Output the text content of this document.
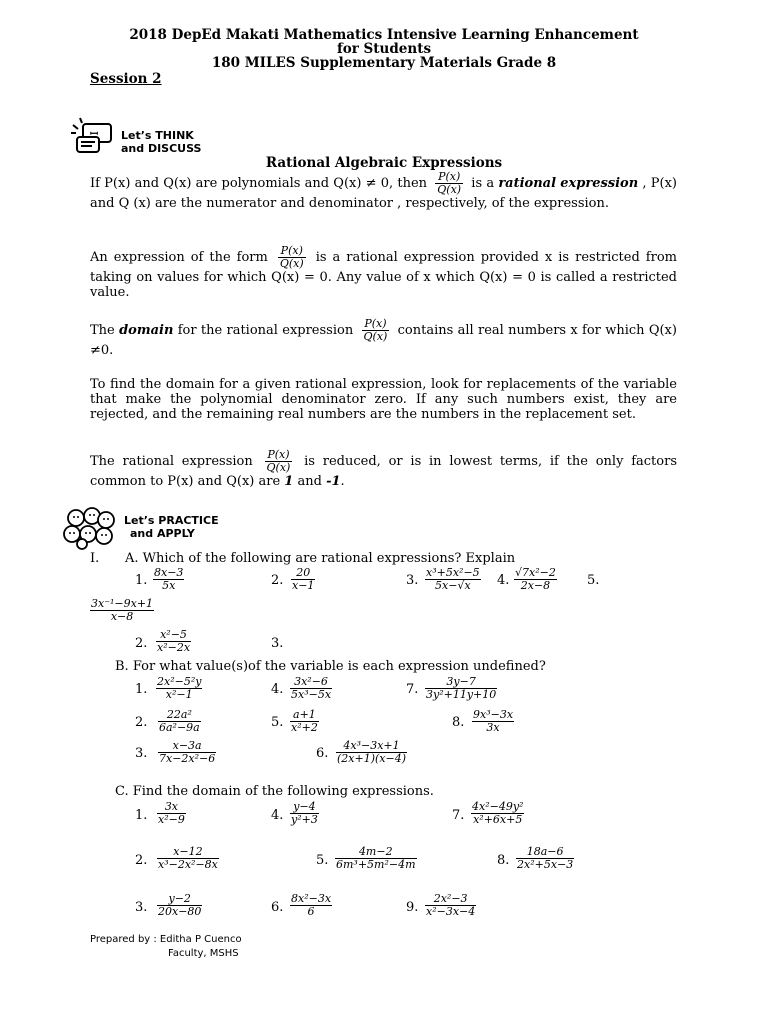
2018 DepEd Makati Mathematics Intensive Learning Enhancement
for Students
180 MILES Supplementary Materials Grade 8
Session 2
ꟷ Let’s THINK
and DISCUSS
Rational Algebraic Expressions
If P(x) and Q(x) are polynomials and Q(x) ≠ 0, then $\frac{P(x)}{Q(x)}$ is a rational expression , P(x) and Q (x) are the numerator and denominator , respectively, of the expression.
An expression of the form $\frac{P(x)}{Q(x)}$ is a rational expression provided x is restricted from taking on values for which Q(x) = 0. Any value of x which Q(x) = 0 is called a restricted value.
The domain for the rational expression $\frac{P(x)}{Q(x)}$ contains all real numbers x for which Q(x) ≠0.
To find the domain for a given rational expression, look for replacements of the variable that make the polynomial denominator zero. If any such numbers exist, they are rejected, and the remaining real numbers are the numbers in the replacement set.
The rational expression $\frac{P(x)}{Q(x)}$ is reduced, or is in lowest terms, if the only factors common to P(x) and Q(x) are 1 and -1.
Let’s PRACTICE
and APPLY
I. A. Which of the following are rational expressions? Explain
1. $\frac{8x-3}{5x}$	2. $\frac{20}{x-1}$	3. $\frac{\text{x³+5x²−5}}{5x-√x} 4$. $\frac{\text{√7x²−2}}{2x-8} 5$.
$\frac{\text{3x⁻¹−9x+1}}{x-8}$
2. $\frac{\text{x²−5}}{\text{x²−2x}}$	3.
B. For what value(s)of the variable is each expression undefined?
1. $\frac{\text{2x²−5²y}}{\text{x²−1}}$	4. $\frac{\text{3x²−6}}{\text{5x³−5x}}$	7. $\frac{3y-7}{\text{3y²+11y+10}}$
2. $\frac{\text{22a²}}{\text{6a²−9a}}$	5. $\frac{a+1}{\text{x²+2}}$	8. $\frac{\text{9x³−3x}}{3x}$
3. $\frac{x-3a}{\text{7x−2x²−6}}$	6. $\frac{\text{4x³−3x+1}}{(2x+1)(x-4)}$
C. Find the domain of the following expressions.
1. $\frac{3x}{\text{x²−9}}$	4. $\frac{y-4}{\text{y²+3}}$	7. $\frac{\text{4x²−49y²}}{\text{x²+6x+5}}$
2. $\frac{x-12}{\text{x³−2x²−8x}}$	5. $\frac{4m-2}{\text{6m³+5m²−4m}}$	8. $\frac{18a-6}{\text{2x²+5x−3}}$
3. $\frac{y-2}{20x-80}$	6. $\frac{\text{8x²−3x}}{6}$	9. $\frac{\text{2x²−3}}{\text{x²−3x−4}}$
Prepared by : Editha P Cuenco
Faculty, MSHS
